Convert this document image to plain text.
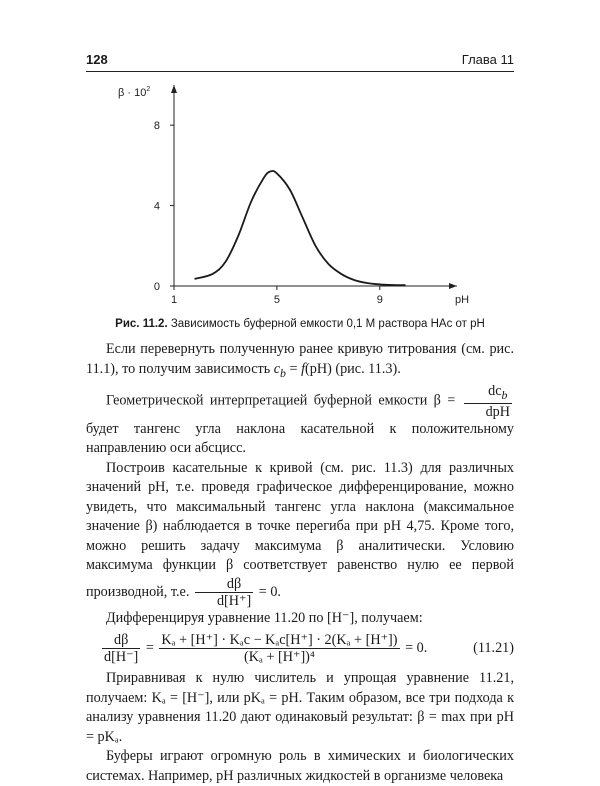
128	Глава 11
1	5	9
0
4
8
$\beta \cdot 10^2$
pH
Рис. 11.2. Зависимость буферной емкости 0,1 М раствора НАс от pH

Если перевернуть полученную ранее кривую титрования (см. рис. 11.1), то получим зависимость $c_b = f(pH)$ (рис. 11.3).

Геометрической интерпретацией буферной емкости $\beta = \frac{dc_b}{\text{dpH}}$
будет тангенс угла наклона касательной к положительному направлению оси абсцисс.

Построив касательные к кривой (см. рис. 11.3) для различных значений pH, т.е. проведя графическое дифференцирование, можно увидеть, что максимальный тангенс угла наклона (максимальное значение β) наблюдается в точке перегиба при pH 4,75. Кроме того, можно решить задачу максимума β аналитически. Условию максимума функции β соответствует равенство нулю ее первой производной, т.е. $\frac{d\beta}{d[H^+]} = 0$.

Дифференцируя уравнение 11.20 по [H⁻], получаем:

$\frac{d\beta}{d[H^-]} = \frac{\text{Kₐ + [H⁺] · Kₐc − Kₐc[H⁺] · 2(Kₐ + [H⁺])}}{\text{(Kₐ + [H⁺])⁴}} = 0$.	(11.21)

Приравнивая к нулю числитель и упрощая уравнение 11.21, получаем: Kₐ = [H⁻], или pKₐ = pH. Таким образом, все три подхода к анализу уравнения 11.20 дают одинаковый результат: β = max при pH = pKₐ.

Буферы играют огромную роль в химических и биологических системах. Например, pH различных жидкостей в организме человека
